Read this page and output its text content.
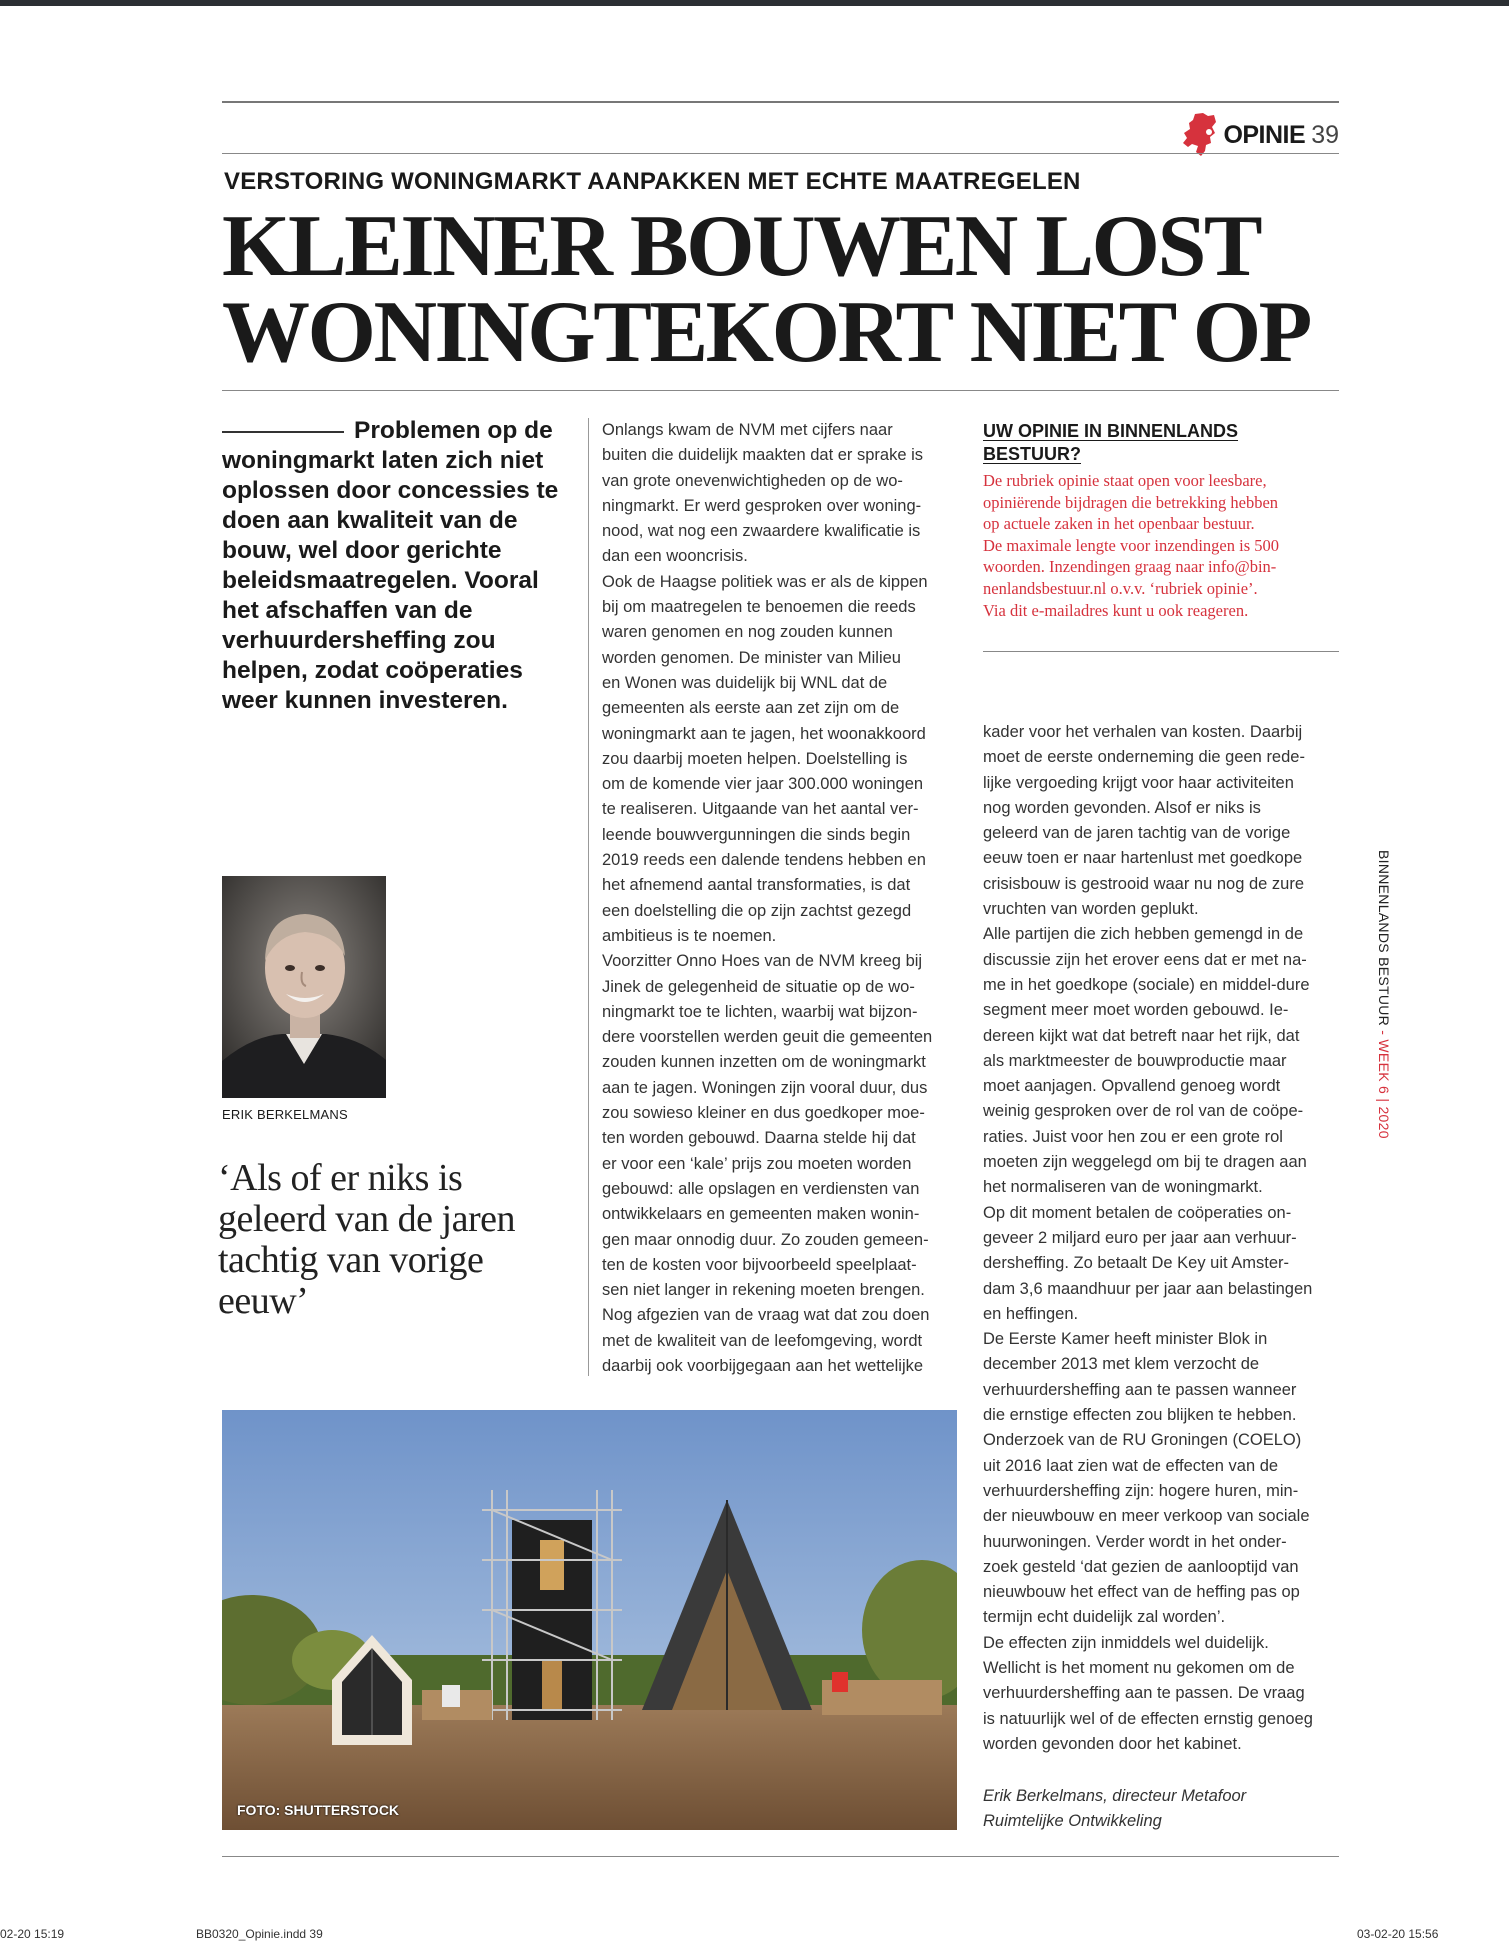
OPINIE 39
VERSTORING WONINGMARKT AANPAKKEN MET ECHTE MAATREGELEN
KLEINER BOUWEN LOST
WONINGTEKORT NIET OP

Problemen op de woningmarkt laten zich niet oplossen door concessies te doen aan kwaliteit van de bouw, wel door gerichte beleidsmaatregelen. Vooral het afschaffen van de verhuurdersheffing zou helpen, zodat coöperaties weer kunnen investeren.

ERIK BERKELMANS

‘Als of er niks is geleerd van de jaren tachtig van vorige eeuw’

Onlangs kwam de NVM met cijfers naar
buiten die duidelijk maakten dat er sprake is
van grote onevenwichtigheden op de wo-
ningmarkt. Er werd gesproken over woning-
nood, wat nog een zwaardere kwalificatie is
dan een wooncrisis.
Ook de Haagse politiek was er als de kippen
bij om maatregelen te benoemen die reeds
waren genomen en nog zouden kunnen
worden genomen. De minister van Milieu
en Wonen was duidelijk bij WNL dat de
gemeenten als eerste aan zet zijn om de
woningmarkt aan te jagen, het woonakkoord
zou daarbij moeten helpen. Doelstelling is
om de komende vier jaar 300.000 woningen
te realiseren. Uitgaande van het aantal ver-
leende bouwvergunningen die sinds begin
2019 reeds een dalende tendens hebben en
het afnemend aantal transformaties, is dat
een doelstelling die op zijn zachtst gezegd
ambitieus is te noemen.
Voorzitter Onno Hoes van de NVM kreeg bij
Jinek de gelegenheid de situatie op de wo-
ningmarkt toe te lichten, waarbij wat bijzon-
dere voorstellen werden geuit die gemeenten
zouden kunnen inzetten om de woningmarkt
aan te jagen. Woningen zijn vooral duur, dus
zou sowieso kleiner en dus goedkoper moe-
ten worden gebouwd. Daarna stelde hij dat
er voor een ‘kale’ prijs zou moeten worden
gebouwd: alle opslagen en verdiensten van
ontwikkelaars en gemeenten maken wonin-
gen maar onnodig duur. Zo zouden gemeen-
ten de kosten voor bijvoorbeeld speelplaat-
sen niet langer in rekening moeten brengen.
Nog afgezien van de vraag wat dat zou doen
met de kwaliteit van de leefomgeving, wordt
daarbij ook voorbijgegaan aan het wettelijke

UW OPINIE IN BINNENLANDS BESTUUR?

De rubriek opinie staat open voor leesbare,
opiniërende bijdragen die betrekking hebben
op actuele zaken in het openbaar bestuur.
De maximale lengte voor inzendingen is 500
woorden. Inzendingen graag naar info@bin-
nenlandsbestuur.nl o.v.v. ‘rubriek opinie’.
Via dit e-mailadres kunt u ook reageren.

kader voor het verhalen van kosten. Daarbij
moet de eerste onderneming die geen rede-
lijke vergoeding krijgt voor haar activiteiten
nog worden gevonden. Alsof er niks is
geleerd van de jaren tachtig van de vorige
eeuw toen er naar hartenlust met goedkope
crisisbouw is gestrooid waar nu nog de zure
vruchten van worden geplukt.
Alle partijen die zich hebben gemengd in de
discussie zijn het erover eens dat er met na-
me in het goedkope (sociale) en middel-dure
segment meer moet worden gebouwd. Ie-
dereen kijkt wat dat betreft naar het rijk, dat
als marktmeester de bouwproductie maar
moet aanjagen. Opvallend genoeg wordt
weinig gesproken over de rol van de coöpe-
raties. Juist voor hen zou er een grote rol
moeten zijn weggelegd om bij te dragen aan
het normaliseren van de woningmarkt.
Op dit moment betalen de coöperaties on-
geveer 2 miljard euro per jaar aan verhuur-
dersheffing. Zo betaalt De Key uit Amster-
dam 3,6 maandhuur per jaar aan belastingen
en heffingen.
De Eerste Kamer heeft minister Blok in
december 2013 met klem verzocht de
verhuurdersheffing aan te passen wanneer
die ernstige effecten zou blijken te hebben.
Onderzoek van de RU Groningen (COELO)
uit 2016 laat zien wat de effecten van de
verhuurdersheffing zijn: hogere huren, min-
der nieuwbouw en meer verkoop van sociale
huurwoningen. Verder wordt in het onder-
zoek gesteld ‘dat gezien de aanlooptijd van
nieuwbouw het effect van de heffing pas op
termijn echt duidelijk zal worden’.
De effecten zijn inmiddels wel duidelijk.
Wellicht is het moment nu gekomen om de
verhuurdersheffing aan te passen. De vraag
is natuurlijk wel of de effecten ernstig genoeg
worden gevonden door het kabinet.

FOTO: SHUTTERSTOCK

Erik Berkelmans, directeur Metafoor Ruimtelijke Ontwikkeling

BINNENLANDS BESTUUR - WEEK 6 | 2020
02-20 15:19	BB0320_Opinie.indd 39	03-02-20 15:56
